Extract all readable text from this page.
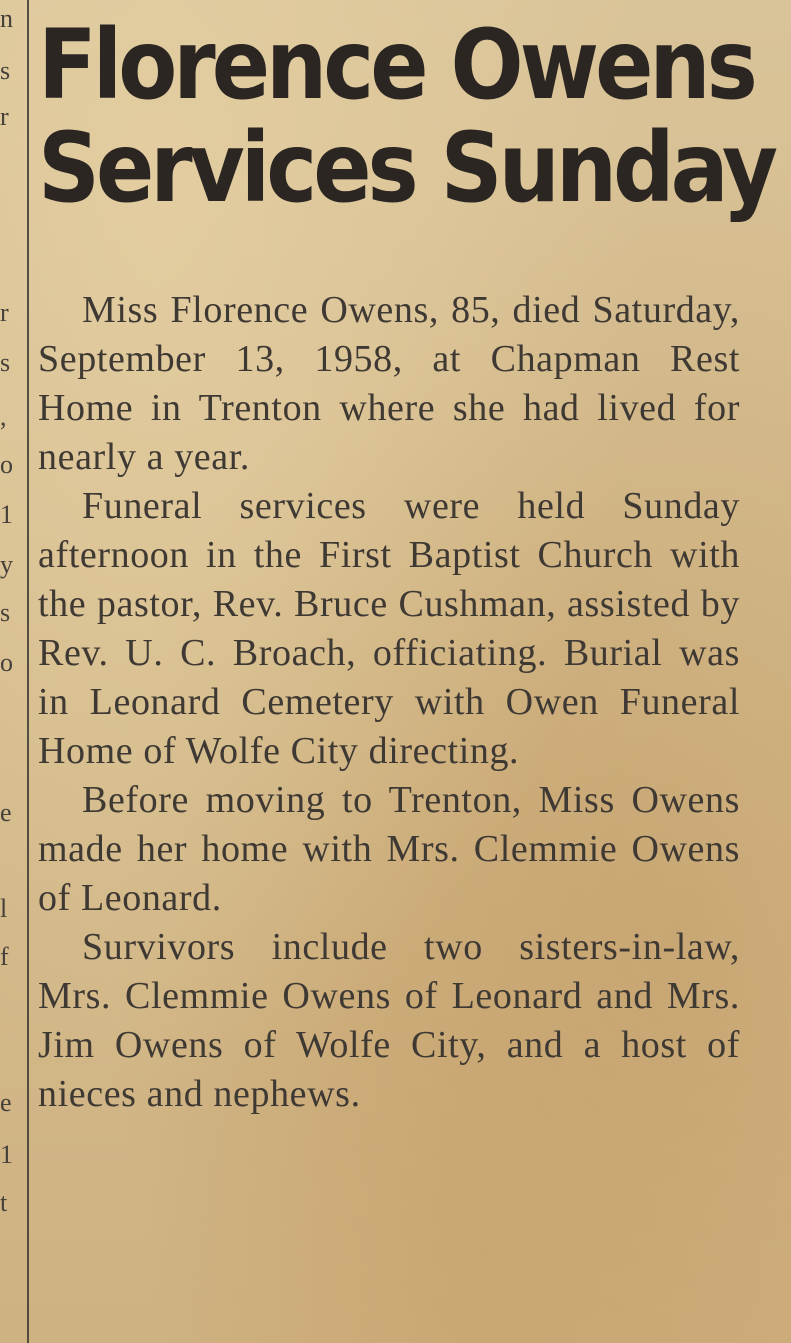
n
s
r
r
s
,
o
1
y
s
o
e
l
f
e
1
t
Florence Owens
Services Sunday

Miss Florence Owens, 85, died Saturday, September 13, 1958, at Chapman Rest Home in Trenton where she had lived for nearly a year.

Funeral services were held Sunday afternoon in the First Baptist Church with the pastor, Rev. Bruce Cushman, assisted by Rev. U. C. Broach, officiating. Burial was in Leonard Cemetery with Owen Funeral Home of Wolfe City directing.

Before moving to Trenton, Miss Owens made her home with Mrs. Clemmie Owens of Leonard.

Survivors include two sisters-in-law, Mrs. Clemmie Owens of Leonard and Mrs. Jim Owens of Wolfe City, and a host of nieces and nephews.
